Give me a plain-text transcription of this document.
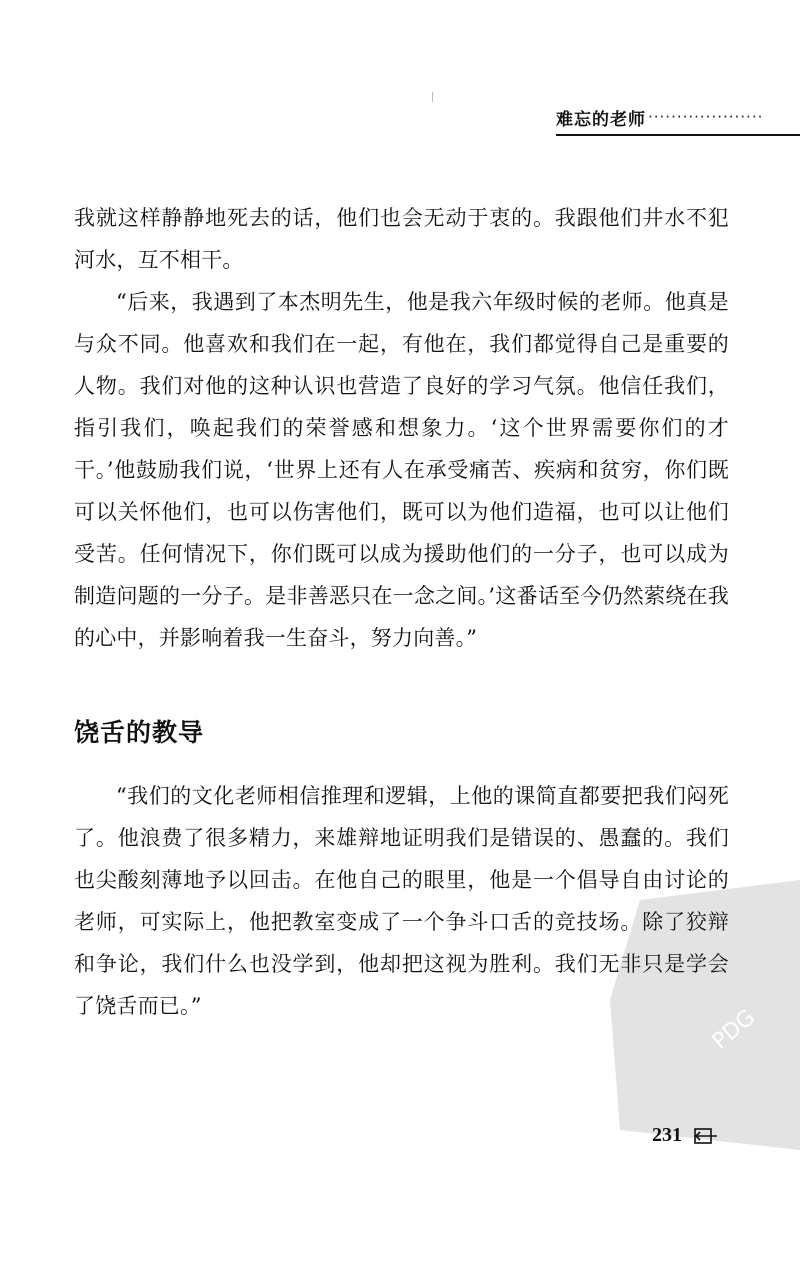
难忘的老师 ····················

我就这样静静地死去的话，他们也会无动于衷的。我跟他们井水不犯河水，互不相干。

“后来，我遇到了本杰明先生，他是我六年级时候的老师。他真是与众不同。他喜欢和我们在一起，有他在，我们都觉得自己是重要的人物。我们对他的这种认识也营造了良好的学习气氛。他信任我们，指引我们，唤起我们的荣誉感和想象力。‘这个世界需要你们的才干。’他鼓励我们说，‘世界上还有人在承受痛苦、疾病和贫穷，你们既可以关怀他们，也可以伤害他们，既可以为他们造福，也可以让他们受苦。任何情况下，你们既可以成为援助他们的一分子，也可以成为制造问题的一分子。是非善恶只在一念之间。’这番话至今仍然萦绕在我的心中，并影响着我一生奋斗，努力向善。”

饶舌的教导

“我们的文化老师相信推理和逻辑，上他的课简直都要把我们闷死了。他浪费了很多精力，来雄辩地证明我们是错误的、愚蠢的。我们也尖酸刻薄地予以回击。在他自己的眼里，他是一个倡导自由讨论的老师，可实际上，他把教室变成了一个争斗口舌的竞技场。除了狡辩和争论，我们什么也没学到，他却把这视为胜利。我们无非只是学会了饶舌而已。”	PDG
231
